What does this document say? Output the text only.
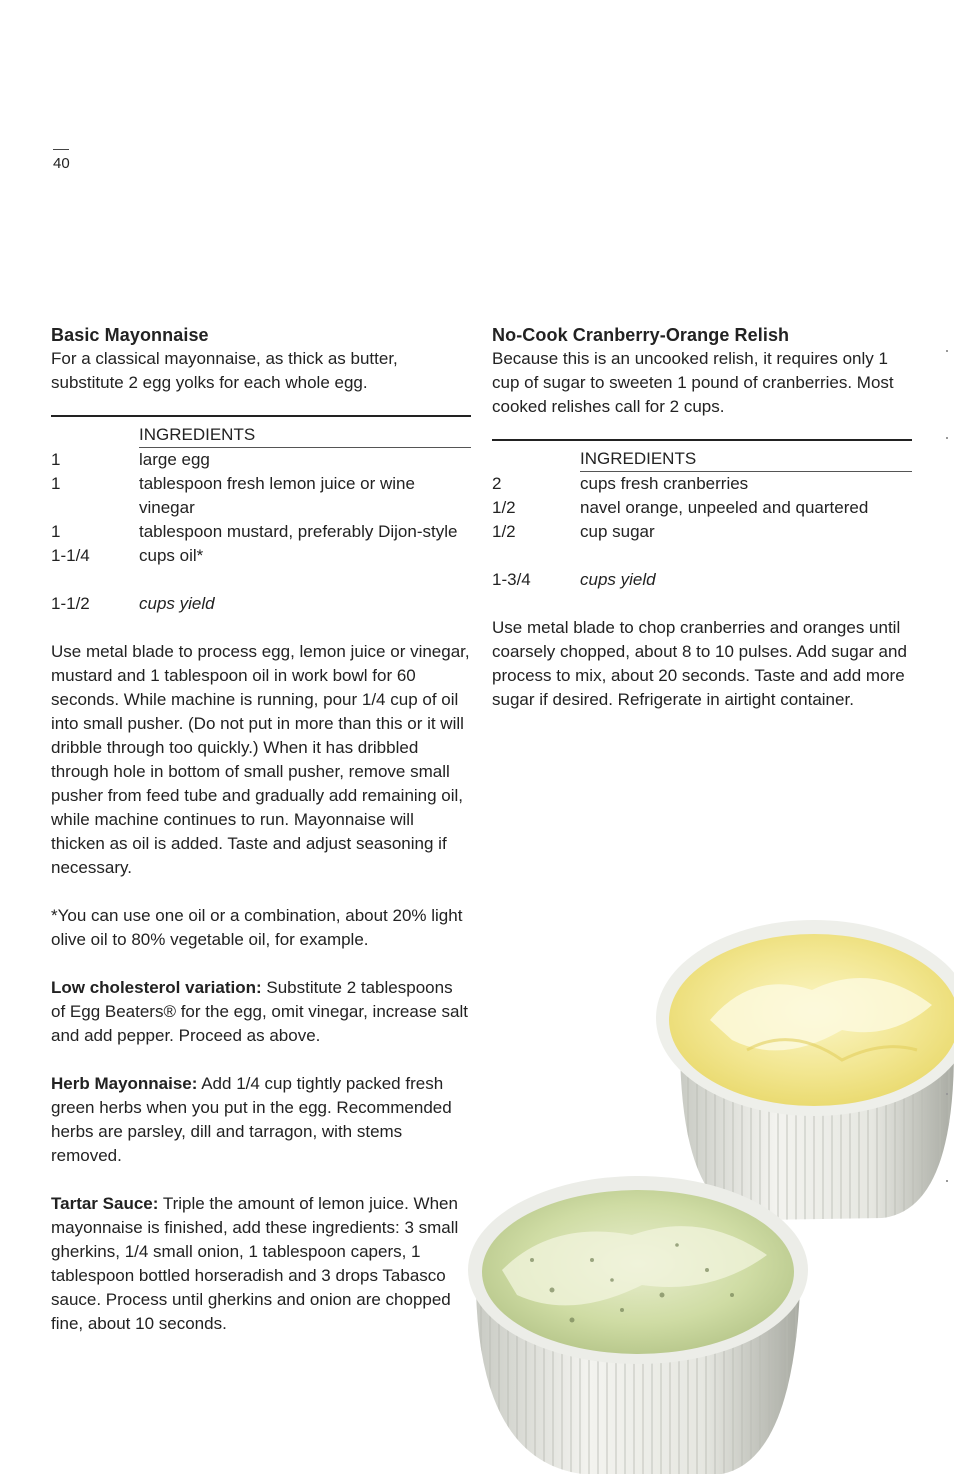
40
Basic Mayonnaise

For a classical mayonnaise, as thick as butter, substitute 2 egg yolks for each whole egg.

INGREDIENTS
1	large egg
1	tablespoon fresh lemon juice or wine vinegar
1	tablespoon mustard, preferably Dijon-style
1-1/4	cups oil*
1-1/2	cups yield

Use metal blade to process egg, lemon juice or vinegar, mustard and 1 tablespoon oil in work bowl for 60 seconds. While machine is running, pour 1/4 cup of oil into small pusher. (Do not put in more than this or it will dribble through too quickly.) When it has dribbled through hole in bottom of small pusher, remove small pusher from feed tube and gradually add remaining oil, while machine continues to run. Mayonnaise will thicken as oil is added. Taste and adjust seasoning if necessary.

*You can use one oil or a combination, about 20% light olive oil to 80% vegetable oil, for example.

Low cholesterol variation: Substitute 2 tablespoons of Egg Beaters® for the egg, omit vinegar, increase salt and add pepper. Proceed as above.

Herb Mayonnaise: Add 1/4 cup tightly packed fresh green herbs when you put in the egg. Recommended herbs are parsley, dill and tarragon, with stems removed.

Tartar Sauce: Triple the amount of lemon juice. When mayonnaise is finished, add these ingredients: 3 small gherkins, 1/4 small onion, 1 tablespoon capers, 1 tablespoon bottled horseradish and 3 drops Tabasco sauce. Process until gherkins and onion are chopped fine, about 10 seconds.

No-Cook Cranberry-Orange Relish

Because this is an uncooked relish, it requires only 1 cup of sugar to sweeten 1 pound of cranberries. Most cooked relishes call for 2 cups.

INGREDIENTS
2	cups fresh cranberries
1/2	navel orange, unpeeled and quartered
1/2	cup sugar
1-3/4	cups yield

Use metal blade to chop cranberries and oranges until coarsely chopped, about 8 to 10 pulses. Add sugar and process to mix, about 20 seconds. Taste and add more sugar if desired. Refrigerate in airtight container.
